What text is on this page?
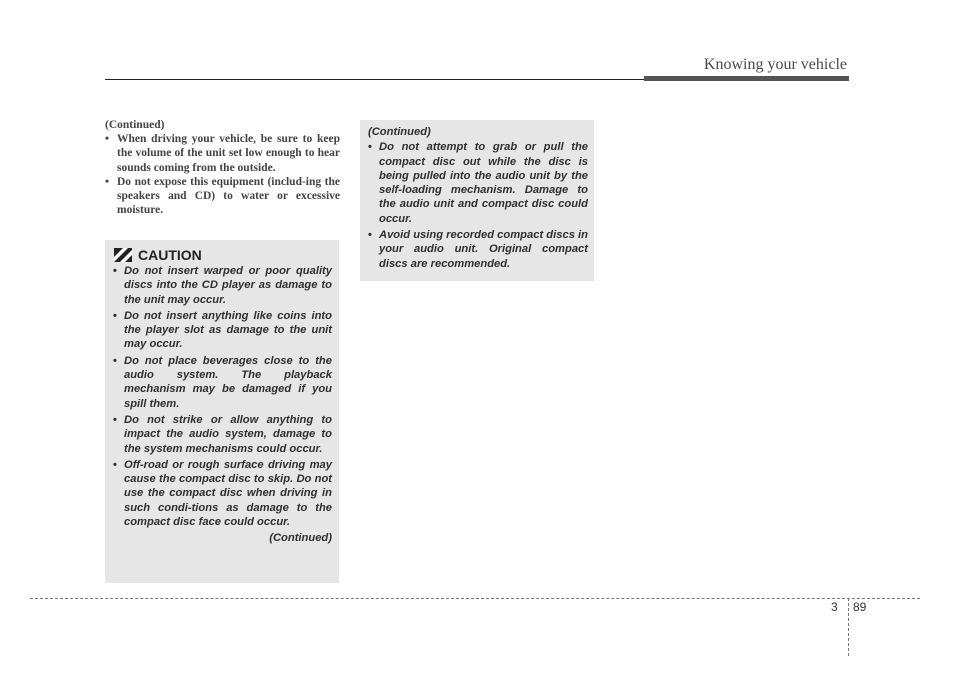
Knowing your vehicle
(Continued)
• When driving your vehicle, be sure to keep the volume of the unit set low enough to hear sounds coming from the outside.
• Do not expose this equipment (includ-ing the speakers and CD) to water or excessive moisture.
CAUTION
• Do not insert warped or poor quality discs into the CD player as damage to the unit may occur.
• Do not insert anything like coins into the player slot as damage to the unit may occur.
• Do not place beverages close to the audio system. The playback mechanism may be damaged if you spill them.
• Do not strike or allow anything to impact the audio system, damage to the system mechanisms could occur.
• Off-road or rough surface driving may cause the compact disc to skip. Do not use the compact disc when driving in such condi-tions as damage to the compact disc face could occur.
(Continued)
(Continued)
• Do not attempt to grab or pull the compact disc out while the disc is being pulled into the audio unit by the self-loading mechanism. Damage to the audio unit and compact disc could occur.
• Avoid using recorded compact discs in your audio unit. Original compact discs are recommended.
3 89
